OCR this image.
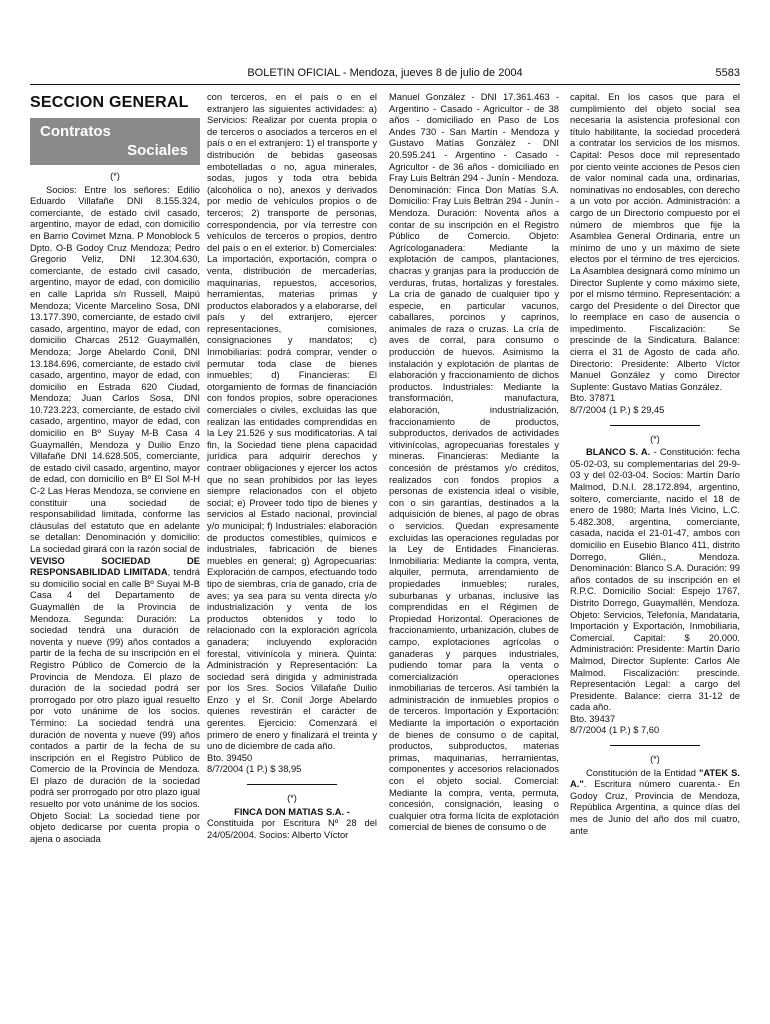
BOLETIN OFICIAL - Mendoza, jueves 8 de julio de 2004	5583
SECCION GENERAL
Contratos
Sociales
(*)

Socios: Entre los señores: Edilio Eduardo Villafañe DNI 8.155.324, comerciante, de estado civil casado, argentino, mayor de edad, con domicilio en Barrio Covimet Mzna. P Monoblock 5 Dpto. O-B Godoy Cruz Mendoza; Pedro Gregorio Veliz, DNI 12.304.630, comerciante, de estado civil casado, argentino, mayor de edad, con domicilio en calle Laprida s/n Russell, Maipú Mendoza; Vicente Marcelino Sosa, DNI 13.177.390, comerciante, de estado civil casado, argentino, mayor de edad, con domicilio Charcas 2512 Guaymallén, Mendoza; Jorge Abelardo Conil, DNI 13.184.696, comerciante, de estado civil casado, argentino, mayor de edad, con domicilio en Estrada 620 Ciudad, Mendoza; Juan Carlos Sosa, DNI 10.723.223, comerciante, de estado civil casado, argentino, mayor de edad, con domicilio en Bº Suyay M-B Casa 4 Guaymallén, Mendoza y Duilio Enzo Villafañe DNI 14.628.505, comerciante, de estado civil casado, argentino, mayor de edad, con domicilio en Bº El Sol M-H C-2 Las Heras Mendoza, se conviene en constituir una sociedad de responsabilidad limitada, conforme las cláusulas del estatuto que en adelante se detallan: Denominación y domicilio: La sociedad girará con la razón social de VEVISO SOCIEDAD DE RESPONSABILIDAD LIMITADA, tendrá su domicilio social en calle Bº Suyai M-B Casa 4 del Departamento de Guaymallén de la Provincia de Mendoza. Segunda: Duración: La sociedad tendrá una duración de noventa y nueve (99) años contados a partir de la fecha de su inscripción en el Registro Público de Comercio de la Provincia de Mendoza. El plazo de duración de la sociedad podrá ser prorrogado por otro plazo igual resuelto por voto unánime de los socios. Término: La sociedad tendrá una duración de noventa y nueve (99) años contados a partir de la fecha de su inscripción en el Registro Público de Comercio de la Provincia de Mendoza. El plazo de duración de la sociedad podrá ser prorrogado por otro plazo igual resuelto por voto unánime de los socios. Objeto Social: La sociedad tiene por objeto dedicarse por cuenta propia o ajena o asociada

con terceros, en el país o en el extranjero las siguientes actividades: a) Servicios: Realizar por cuenta propia o de terceros o asociados a terceros en el país o en el extranjero: 1) el transporte y distribución de bebidas gaseosas embotelladas o no, agua minerales, sodas, jugos y toda otra bebida (alcohólica o no), anexos y derivados por medio de vehículos propios o de terceros; 2) transporte de personas, correspondencia, por vía terrestre con vehículos de terceros o propios, dentro del país o en el exterior. b) Comerciales: La importación, exportación, compra o venta, distribución de mercaderías, maquinarias, repuestos, accesorios, herramientas, materias primas y productos elaborados y a elaborarse, del país y del extranjero, ejercer representaciones, comisiones, consignaciones y mandatos; c) Inmobiliarias: podrá comprar, vender o permutar toda clase de bienes inmuebles; d) Financieras: El otorgamiento de formas de financiación con fondos propios, sobre operaciones comerciales o civiles, excluidas las que realizan las entidades comprendidas en la Ley 21.526 y sus modificatorias. A tal fin, la Sociedad tiene plena capacidad jurídica para adquirir derechos y contraer obligaciones y ejercer los actos que no sean prohibidos por las leyes siempre relacionados con el objeto social; e) Proveer todo tipo de bienes y servicios al Estado nacional, provincial y/o municipal; f) Industriales: elaboración de productos comestibles, químicos e industriales, fabricación de bienes muebles en general; g) Agropecuarias: Exploración de campos, efectuando todo tipo de siembras, cría de ganado, cría de aves; ya sea para su venta directa y/o industrialización y venta de los productos obtenidos y todo lo relacionado con la exploración agrícola ganadera; incluyendo exploración forestal, vitivinícola y minera. Quinta: Administración y Representación: La sociedad será dirigida y administrada por los Sres. Socios Villafañe Duilio Enzo y el Sr. Conil Jorge Abelardo quienes revestirán el carácter de gerentes. Ejercicio: Comenzará el primero de enero y finalizará el treinta y uno de diciembre de cada año.

Bto. 39450

8/7/2004 (1 P.) $ 38,95

(*)
FINCA DON MATIAS S.A. -

Constituida por Escritura Nº 28 del 24/05/2004. Socios: Alberto Víctor

Manuel González - DNI 17.361.463 - Argentino - Casado - Agricultor - de 38 años - domiciliado en Paso de Los Andes 730 - San Martín - Mendoza y Gustavo Matías González - DNI 20.595.241 - Argentino - Casado - Agricultor - de 36 años - domiciliado en Fray Luis Beltrán 294 - Junín - Mendoza. Denominación: Finca Don Matías S.A. Domicilio: Fray Luis Beltrán 294 - Junín - Mendoza. Duración: Noventa años a contar de su inscripción en el Registro Público de Comercio. Objeto: Agrícologanadera: Mediante la explotación de campos, plantaciones, chacras y granjas para la producción de verduras, frutas, hortalizas y forestales. La cría de ganado de cualquier tipo y especie, en particular vacunos, caballares, porcinos y caprinos, animales de raza o cruzas. La cría de aves de corral, para consumo o producción de huevos. Asimismo la instalación y explotación de plantas de elaboración y fraccionamiento de dichos productos. Industriales: Mediante la transformación, manufactura, elaboración, industrialización, fraccionamiento de productos, subproductos, derivados de actividades vitivinícolas, agropecuarias forestales y mineras. Financieras: Mediante la concesión de préstamos y/o créditos, realizados con fondos propios a personas de existencia ideal o visible, con o sin garantías, destinados a la adquisición de bienes, al pago de obras o servicios. Quedan expresamente excluidas las operaciones reguladas por la Ley de Entidades Financieras. Inmobiliaria: Mediante la compra, venta, alquiler, permuta, arrendamiento de propiedades inmuebles; rurales, suburbanas y urbanas, inclusive las comprendidas en el Régimen de Propiedad Horizontal. Operaciones de fraccionamiento, urbanización, clubes de campo, explotaciones agrícolas o ganaderas y parques industriales, pudiendo tomar para la venta o comercialización operaciones inmobiliarias de terceros. Así también la administración de inmuebles propios o de terceros. Importación y Exportación: Mediante la importación o exportación de bienes de consumo o de capital, productos, subproductos, materias primas, maquinarias, herramientas, componentes y accesorios relacionados con el objeto social. Comercial: Mediante la compra, venta, permuta, concesión, consignación, leasing o cualquier otra forma lícita de explotación comercial de bienes de consumo o de

capital. En los casos que para el cumplimiento del objeto social sea necesaria la asistencia profesional con título habilitante, la sociedad procederá a contratar los servicios de los mismos. Capital: Pesos doce mil representado por ciento veinte acciones de Pesos cien de valor nominal cada una, ordinarias, nominativas no endosables, con derecho a un voto por acción. Administración: a cargo de un Directorio compuesto por el número de miembros que fije la Asamblea General Ordinaria, entre un mínimo de uno y un máximo de siete electos por el término de tres ejercicios. La Asamblea designará como mínimo un Director Suplente y como máximo siete, por el mismo término. Representación: a cargo del Presidente o del Director que lo reemplace en caso de ausencia o impedimento. Fiscalización: Se prescinde de la Sindicatura. Balance: cierra el 31 de Agosto de cada año. Directorio: Presidente: Alberto Víctor Manuel González y como Director Suplente: Gustavo Matías González.

Bto. 37871

8/7/2004 (1 P.) $ 29,45

(*)

BLANCO S. A. - Constitución: fecha 05-02-03, su complementarias del 29-9-03 y del 02-03-04. Socios: Martín Darío Malmod, D.N.I. 28.172.894, argentino, soltero, comerciante, nacido el 18 de enero de 1980; Marta Inés Vicino, L.C. 5.482.308, argentina, comerciante, casada, nacida el 21-01-47, ambos con domicilio en Eusebio Blanco 411, distrito Dorrego, Glién., Mendoza. Denominación: Blanco S.A. Duración: 99 años contados de su inscripción en el R.P.C. Domicilio Social: Espejo 1767, Distrito Dorrego, Guaymallén, Mendoza. Objeto: Servicios, Telefonía, Mandataria, Importación y Exportación, Inmobiliaria, Comercial. Capital: $ 20.000. Administración: Presidente: Martín Darío Malmod, Director Suplente: Carlos Ale Malmod. Fiscalización: prescinde. Representación Legal: a cargo del Presidente. Balance: cierra 31-12 de cada año.

Bto. 39437

8/7/2004 (1 P.) $ 7,60

(*)

Constitución de la Entidad "ATEK S. A.". Escritura número cuarenta.- En Godoy Cruz, Provincia de Mendoza, República Argentina, a quince días del mes de Junio del año dos mil cuatro, ante
